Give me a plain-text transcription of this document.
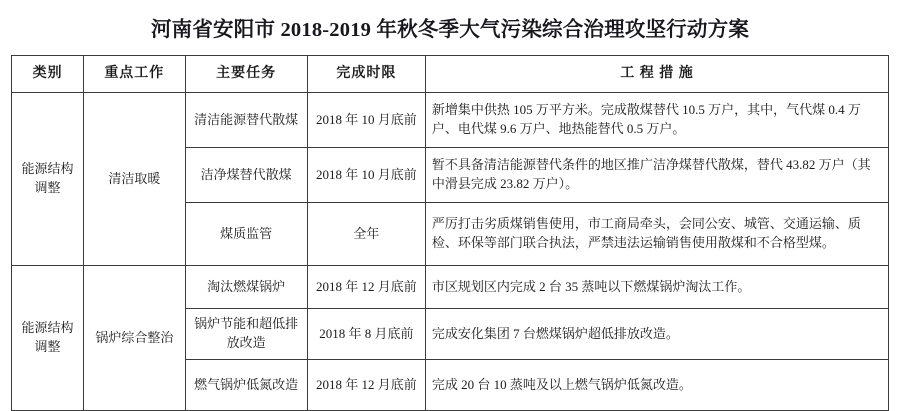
河南省安阳市 2018-2019 年秋冬季大气污染综合治理攻坚行动方案
类别	重点工作	主要任务	完成时限	工 程 措 施
能源结构调整	清洁取暖	清洁能源替代散煤	2018 年 10 月底前	新增集中供热 105 万平方米。完成散煤替代 10.5 万户，其中，气代煤 0.4 万户、电代煤 9.6 万户、地热能替代 0.5 万户。
		洁净煤替代散煤	2018 年 10 月底前	暂不具备清洁能源替代条件的地区推广洁净煤替代散煤，替代 43.82 万户（其中滑县完成 23.82 万户）。
		煤质监管	全年	严厉打击劣质煤销售使用，市工商局牵头，会同公安、城管、交通运输、质检、环保等部门联合执法，严禁违法运输销售使用散煤和不合格型煤。
能源结构调整	锅炉综合整治	淘汰燃煤锅炉	2018 年 12 月底前	市区规划区内完成 2 台 35 蒸吨以下燃煤锅炉淘汰工作。
		锅炉节能和超低排放改造	2018 年 8 月底前	完成安化集团 7 台燃煤锅炉超低排放改造。
		燃气锅炉低氮改造	2018 年 12 月底前	完成 20 台 10 蒸吨及以上燃气锅炉低氮改造。
